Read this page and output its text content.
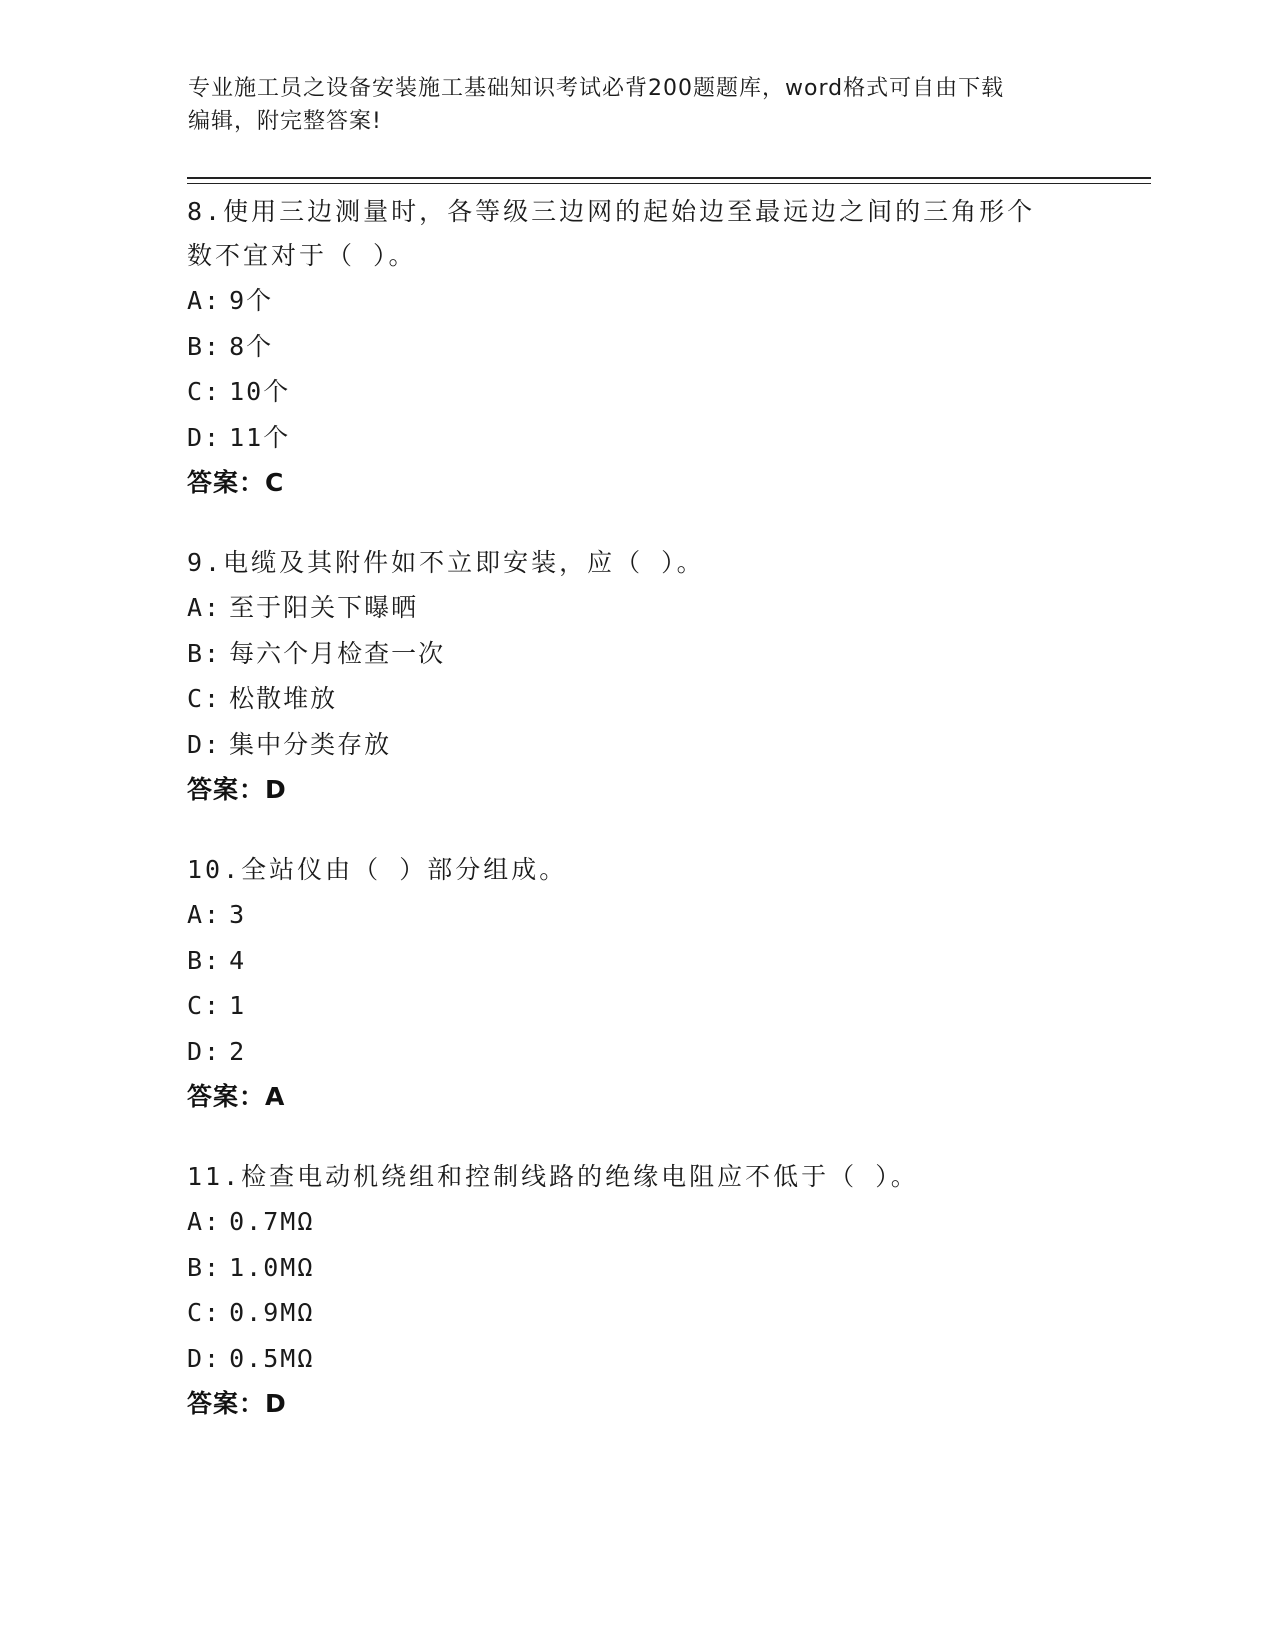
专业施工员之设备安装施工基础知识考试必背200题题库，word格式可自由下载
编辑，附完整答案!
8.使用三边测量时，各等级三边网的起始边至最远边之间的三角形个
数不宜对于（ ）。
A: 9个
B: 8个
C: 10个
D: 11个
答案：C
9.电缆及其附件如不立即安装，应（ ）。
A: 至于阳关下曝晒
B: 每六个月检查一次
C: 松散堆放
D: 集中分类存放
答案：D
10.全站仪由（ ）部分组成。
A: 3
B: 4
C: 1
D: 2
答案：A
11.检查电动机绕组和控制线路的绝缘电阻应不低于（ ）。
A: 0.7MΩ
B: 1.0MΩ
C: 0.9MΩ
D: 0.5MΩ
答案：D
